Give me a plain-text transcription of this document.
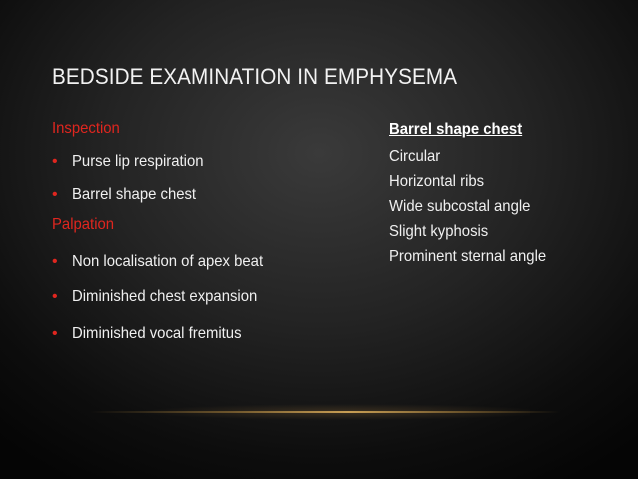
BEDSIDE EXAMINATION IN EMPHYSEMA
Inspection
• Purse lip respiration
• Barrel shape chest
Palpation
• Non localisation of apex beat
• Diminished chest expansion
• Diminished vocal fremitus
Barrel shape chest
Circular
Horizontal ribs
Wide subcostal angle
Slight kyphosis
Prominent sternal angle
